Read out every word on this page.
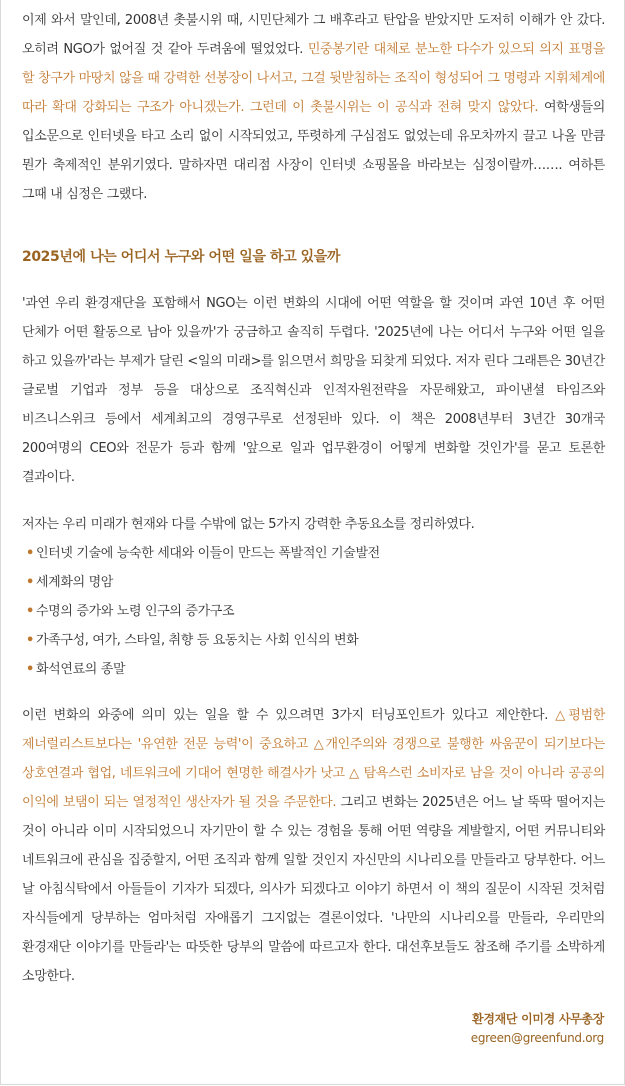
이제 와서 말인데, 2008년 촛불시위 때, 시민단체가 그 배후라고 탄압을 받았지만 도저히 이해가 안 갔다. 오히려 NGO가 없어질 것 같아 두려움에 떨었었다. 민중봉기란 대체로 분노한 다수가 있으되 의지 표명을 할 창구가 마땅치 않을 때 강력한 선봉장이 나서고, 그걸 뒷받침하는 조직이 형성되어 그 명령과 지휘체계에 따라 확대 강화되는 구조가 아니겠는가. 그런데 이 촛불시위는 이 공식과 전혀 맞지 않았다. 여학생들의 입소문으로 인터넷을 타고 소리 없이 시작되었고, 뚜렷하게 구심점도 없었는데 유모차까지 끌고 나올 만큼 뭔가 축제적인 분위기였다. 말하자면 대리점 사장이 인터넷 쇼핑몰을 바라보는 심정이랄까……. 여하튼 그때 내 심정은 그랬다.

2025년에 나는 어디서 누구와 어떤 일을 하고 있을까

'과연 우리 환경재단을 포함해서 NGO는 이런 변화의 시대에 어떤 역할을 할 것이며 과연 10년 후 어떤 단체가 어떤 활동으로 남아 있을까'가 궁금하고 솔직히 두렵다. '2025년에 나는 어디서 누구와 어떤 일을 하고 있을까'라는 부제가 달린 <일의 미래>를 읽으면서 희망을 되찾게 되었다. 저자 린다 그래튼은 30년간 글로벌 기업과 정부 등을 대상으로 조직혁신과 인적자원전략을 자문해왔고, 파이낸셜 타임즈와 비즈니스위크 등에서 세계최고의 경영구루로 선정된바 있다. 이 책은 2008년부터 3년간 30개국 200여명의 CEO와 전문가 등과 함께 '앞으로 일과 업무환경이 어떻게 변화할 것인가'를 묻고 토론한 결과이다.

저자는 우리 미래가 현재와 다를 수밖에 없는 5가지 강력한 추동요소를 정리하였다.

• 인터넷 기술에 능숙한 세대와 이들이 만드는 폭발적인 기술발전
• 세계화의 명암
• 수명의 증가와 노령 인구의 증가구조
• 가족구성, 여가, 스타일, 취향 등 요동치는 사회 인식의 변화
• 화석연료의 종말

이런 변화의 와중에 의미 있는 일을 할 수 있으려면 3가지 터닝포인트가 있다고 제안한다. △평범한 제너럴리스트보다는 '유연한 전문 능력'이 중요하고 △개인주의와 경쟁으로 불행한 싸움꾼이 되기보다는 상호연결과 협업, 네트워크에 기대어 현명한 해결사가 낫고 △ 탐욕스런 소비자로 남을 것이 아니라 공공의 이익에 보탬이 되는 열정적인 생산자가 될 것을 주문한다. 그리고 변화는 2025년은 어느 날 뚝딱 떨어지는 것이 아니라 이미 시작되었으니 자기만이 할 수 있는 경험을 통해 어떤 역량을 계발할지, 어떤 커뮤니티와 네트워크에 관심을 집중할지, 어떤 조직과 함께 일할 것인지 자신만의 시나리오를 만들라고 당부한다. 어느 날 아침식탁에서 아들들이 기자가 되겠다, 의사가 되겠다고 이야기 하면서 이 책의 질문이 시작된 것처럼 자식들에게 당부하는 엄마처럼 자애롭기 그지없는 결론이었다. '나만의 시나리오를 만들라, 우리만의 환경재단 이야기를 만들라'는 따뜻한 당부의 말씀에 따르고자 한다. 대선후보들도 참조해 주기를 소박하게 소망한다.

환경재단 이미경 사무총장
egreen@greenfund.org
